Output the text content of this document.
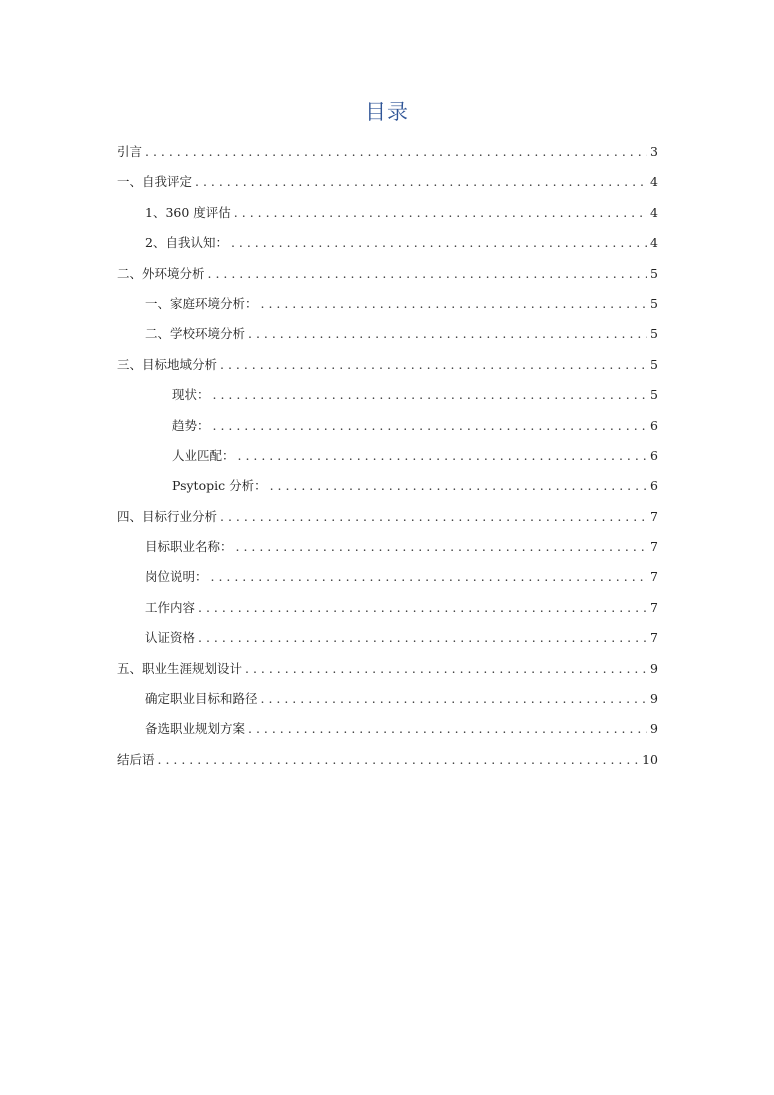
目录
引言 . . .	3
一、自我评定 . . .	4
1、360 度评估 . . .	4
2、自我认知： . . .	4
二、外环境分析 . . .	5
一、家庭环境分析： . . .	5
二、学校环境分析 . . .	5
三、目标地域分析 . . .	5
现状： . . .	5
趋势： . . .	6
人业匹配： . . .	6
Psytopic 分析： . . .	6
四、目标行业分析 . . .	7
目标职业名称： . . .	7
岗位说明： . . .	7
工作内容 . . .	7
认证资格 . . .	7
五、职业生涯规划设计 . . .	9
确定职业目标和路径 . . .	9
备选职业规划方案 . . .	9
结后语 . . .	10
